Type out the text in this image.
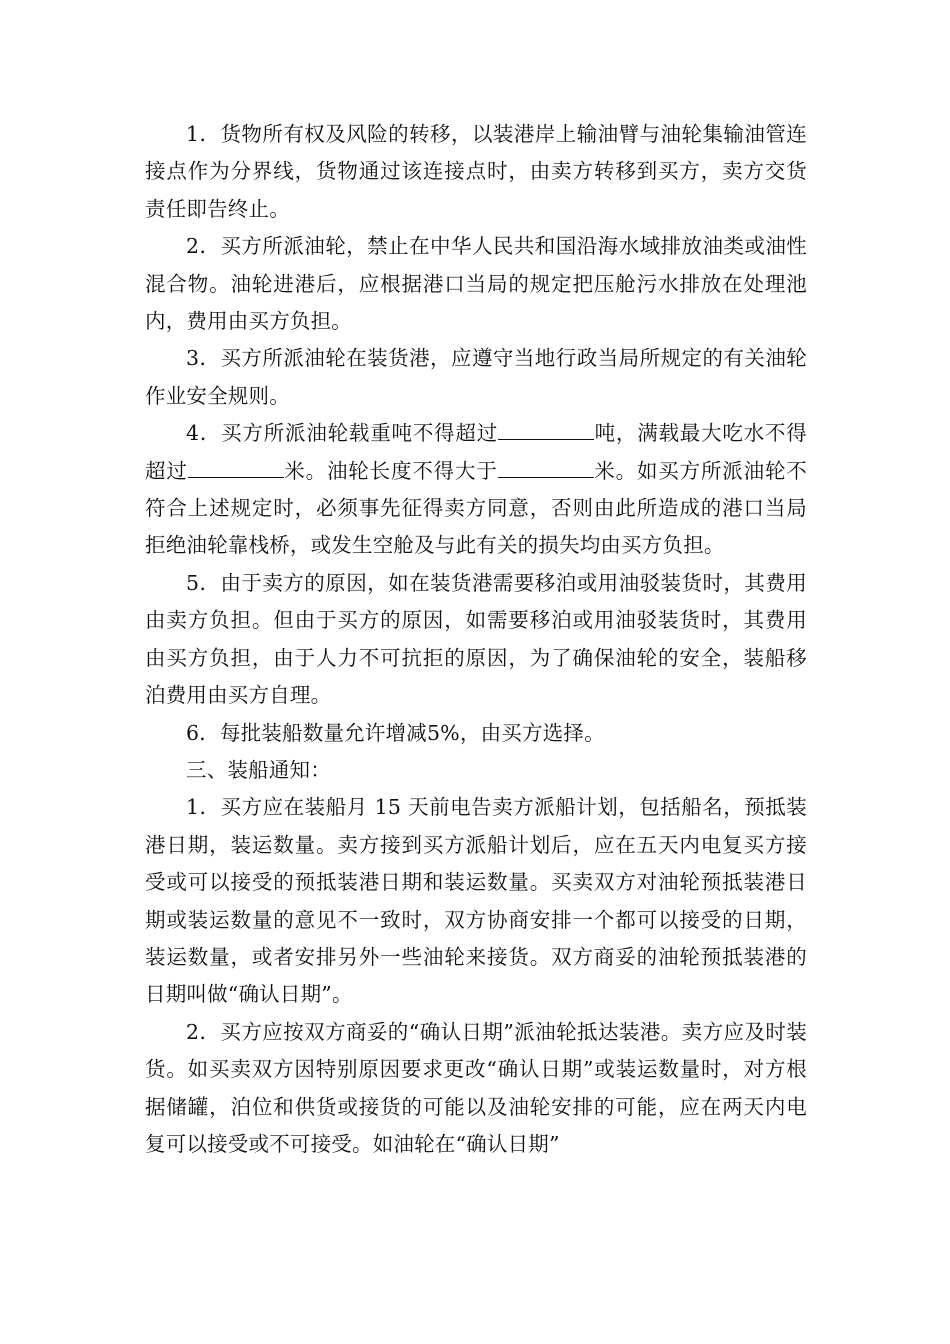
1．货物所有权及风险的转移，以装港岸上输油臂与油轮集输油管连接点作为分界线，货物通过该连接点时，由卖方转移到买方，卖方交货责任即告终止。

2．买方所派油轮，禁止在中华人民共和国沿海水域排放油类或油性混合物。油轮进港后，应根据港口当局的规定把压舱污水排放在处理池内，费用由买方负担。

3．买方所派油轮在装货港，应遵守当地行政当局所规定的有关油轮作业安全规则。

4．买方所派油轮载重吨不得超过	吨，满载最大吃水不得超过	米。油轮长度不得大于	米。如买方所派油轮不符合上述规定时，必须事先征得卖方同意，否则由此所造成的港口当局拒绝油轮靠栈桥，或发生空舱及与此有关的损失均由买方负担。

5．由于卖方的原因，如在装货港需要移泊或用油驳装货时，其费用由卖方负担。但由于买方的原因，如需要移泊或用油驳装货时，其费用由买方负担，由于人力不可抗拒的原因，为了确保油轮的安全，装船移泊费用由买方自理。

6．每批装船数量允许增减5%，由买方选择。

三、装船通知：

1．买方应在装船月 15 天前电告卖方派船计划，包括船名，预抵装港日期，装运数量。卖方接到买方派船计划后，应在五天内电复买方接受或可以接受的预抵装港日期和装运数量。买卖双方对油轮预抵装港日期或装运数量的意见不一致时，双方协商安排一个都可以接受的日期，装运数量，或者安排另外一些油轮来接货。双方商妥的油轮预抵装港的日期叫做“确认日期”。

2．买方应按双方商妥的“确认日期”派油轮抵达装港。卖方应及时装货。如买卖双方因特别原因要求更改“确认日期”或装运数量时，对方根据储罐，泊位和供货或接货的可能以及油轮安排的可能，应在两天内电复可以接受或不可接受。如油轮在“确认日期”
